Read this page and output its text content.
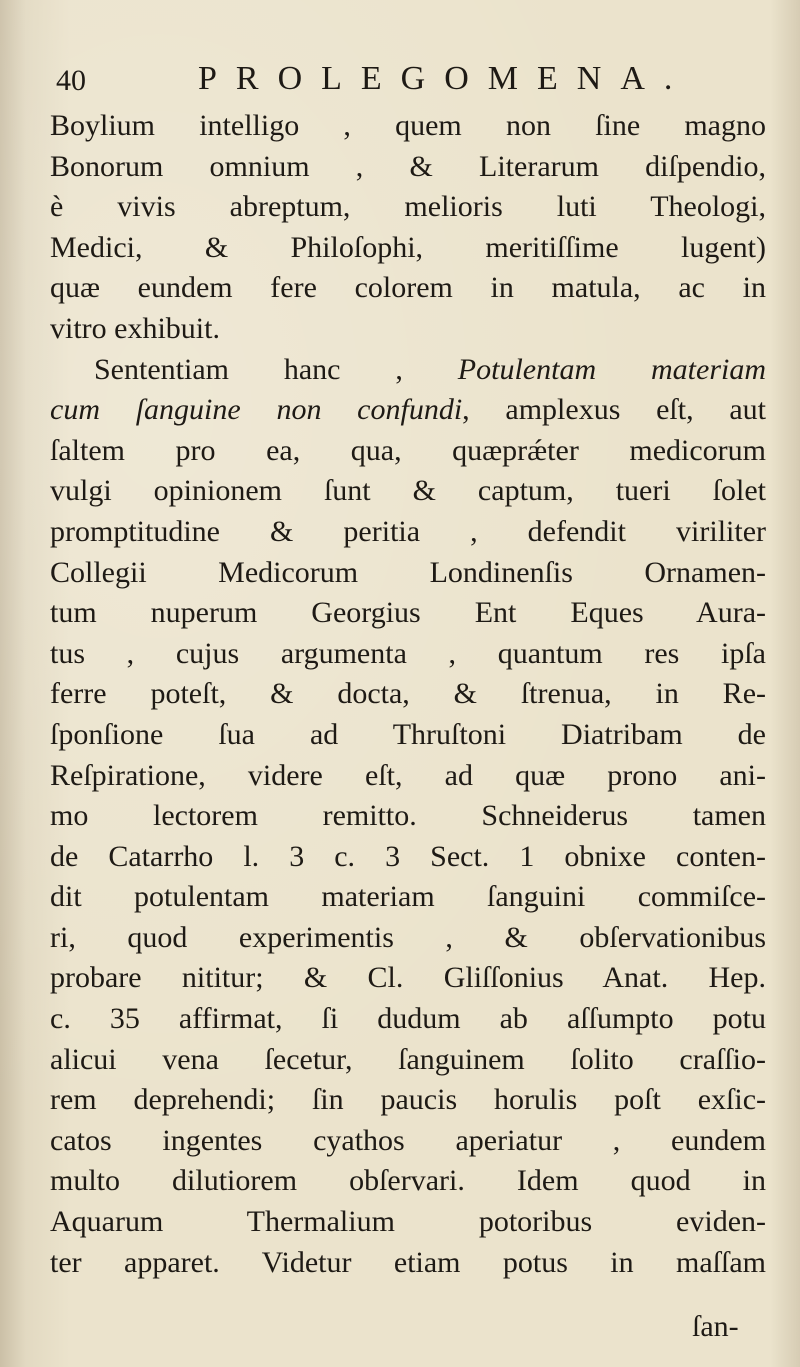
40	PROLEGOMENA.
Boylium intelligo , quem non ſine magno
Bonorum omnium , & Literarum diſpendio,
è vivis abreptum, melioris luti Theologi,
Medici, & Philoſophi, meritiſſime lugent)
quæ eundem fere colorem in matula, ac in
vitro exhibuit.
Sententiam hanc , Potulentam materiam
cum ſanguine non confundi, amplexus eſt, aut
ſaltem pro ea, qua, quæprǽter medicorum
vulgi opinionem ſunt & captum, tueri ſolet
promptitudine & peritia , defendit viriliter
Collegii Medicorum Londinenſis Ornamen-
tum nuperum Georgius Ent Eques Aura-
tus , cujus argumenta , quantum res ipſa
ferre poteſt, & docta, & ſtrenua, in Re-
ſponſione ſua ad Thruſtoni Diatribam de
Reſpiratione, videre eſt, ad quæ prono ani-
mo lectorem remitto. Schneiderus tamen
de Catarrho l. 3 c. 3 Sect. 1 obnixe conten-
dit potulentam materiam ſanguini commiſce-
ri, quod experimentis , & obſervationibus
probare nititur; & Cl. Gliſſonius Anat. Hep.
c. 35 affirmat, ſi dudum ab aſſumpto potu
alicui vena ſecetur, ſanguinem ſolito craſſio-
rem deprehendi; ſin paucis horulis poſt exſic-
catos ingentes cyathos aperiatur , eundem
multo dilutiorem obſervari. Idem quod in
Aquarum Thermalium potoribus eviden-
ter apparet. Videtur etiam potus in maſſam
ſan-
